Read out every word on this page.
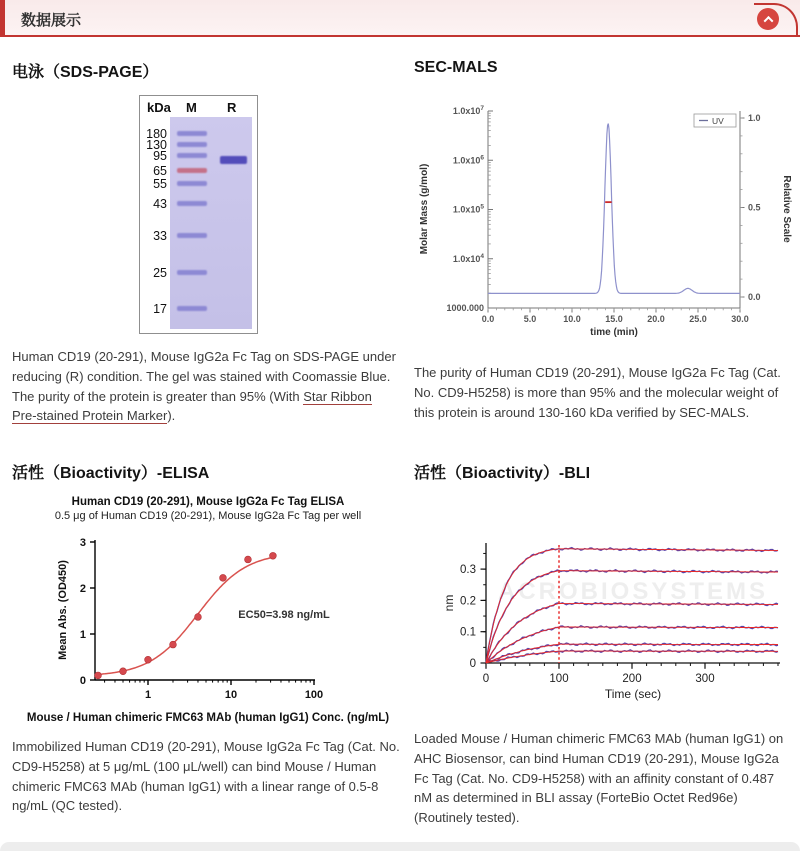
数据展示
电泳（SDS-PAGE）
kDa M R
180
130
95
65
55
43
33
25
17

Human CD19 (20-291), Mouse IgG2a Fc Tag on SDS-PAGE under reducing (R) condition. The gel was stained with Coomassie Blue. The purity of the protein is greater than 95% (With Star Ribbon Pre-stained Protein Marker).

SEC-MALS
$1.0x10^7$
$1.0x10^6$
$1.0x10^5$
$1.0x10^4$
1000.000
1.0
0.5
0.0
0.0	5.0	10.0	15.0	20.0	25.0	30.0
time (min)
Molar Mass (g/mol)	Relative Scale
UV

The purity of Human CD19 (20-291), Mouse IgG2a Fc Tag (Cat. No. CD9-H5258) is more than 95% and the molecular weight of this protein is around 130-160 kDa verified by SEC-MALS.

活性（Bioactivity）-ELISA
Human CD19 (20-291), Mouse IgG2a Fc Tag ELISA
0.5 μg of Human CD19 (20-291), Mouse IgG2a Fc Tag per well
0
1
2
3
1	10	100
Mean Abs. (OD450)	EC50=3.98 ng/mL
Mouse / Human chimeric FMC63 MAb (human IgG1) Conc. (ng/mL)

Immobilized Human CD19 (20-291), Mouse IgG2a Fc Tag (Cat. No. CD9-H5258) at 5 μg/mL (100 μL/well) can bind Mouse / Human chimeric FMC63 MAb (human IgG1) with a linear range of 0.5-8 ng/mL (QC tested).

活性（Bioactivity）-BLI
ACROBIOSYSTEMS
0
0.1
0.2
0.3
0	100	200	300
Time (sec)
nm

Loaded Mouse / Human chimeric FMC63 MAb (human IgG1) on AHC Biosensor, can bind Human CD19 (20-291), Mouse IgG2a Fc Tag (Cat. No. CD9-H5258) with an affinity constant of 0.487 nM as determined in BLI assay (ForteBio Octet Red96e) (Routinely tested).
